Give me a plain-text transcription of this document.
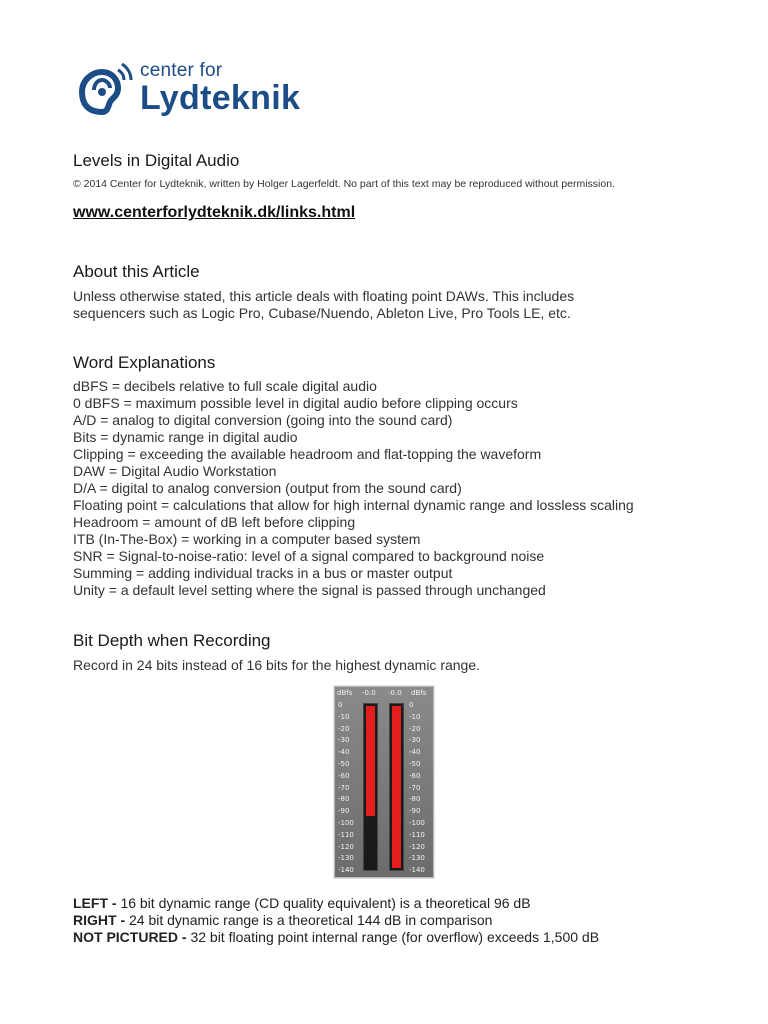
center for
Lydteknik
Levels in Digital Audio
© 2014 Center for Lydteknik, written by Holger Lagerfeldt. No part of this text may be reproduced without permission.
www.centerforlydteknik.dk/links.html
About this Article
Unless otherwise stated, this article deals with floating point DAWs. This includes
sequencers such as Logic Pro, Cubase/Nuendo, Ableton Live, Pro Tools LE, etc.
Word Explanations
dBFS = decibels relative to full scale digital audio
0 dBFS = maximum possible level in digital audio before clipping occurs
A/D = analog to digital conversion (going into the sound card)
Bits = dynamic range in digital audio
Clipping = exceeding the available headroom and flat-topping the waveform
DAW = Digital Audio Workstation
D/A = digital to analog conversion (output from the sound card)
Floating point = calculations that allow for high internal dynamic range and lossless scaling
Headroom = amount of dB left before clipping
ITB (In-The-Box) = working in a computer based system
SNR = Signal-to-noise-ratio: level of a signal compared to background noise
Summing = adding individual tracks in a bus or master output
Unity = a default level setting where the signal is passed through unchanged
Bit Depth when Recording
Record in 24 bits instead of 16 bits for the highest dynamic range.
dBfs -0.0 -0.0 dBfs
0	0
-10	-10
-20	-20
-30	-30
-40	-40
-50	-50
-60	-60
-70	-70
-80	-80
-90	-90
-100	-100
-110	-110
-120	-120
-130	-130
-140	-140
LEFT - 16 bit dynamic range (CD quality equivalent) is a theoretical 96 dB
RIGHT - 24 bit dynamic range is a theoretical 144 dB in comparison
NOT PICTURED - 32 bit floating point internal range (for overflow) exceeds 1,500 dB
